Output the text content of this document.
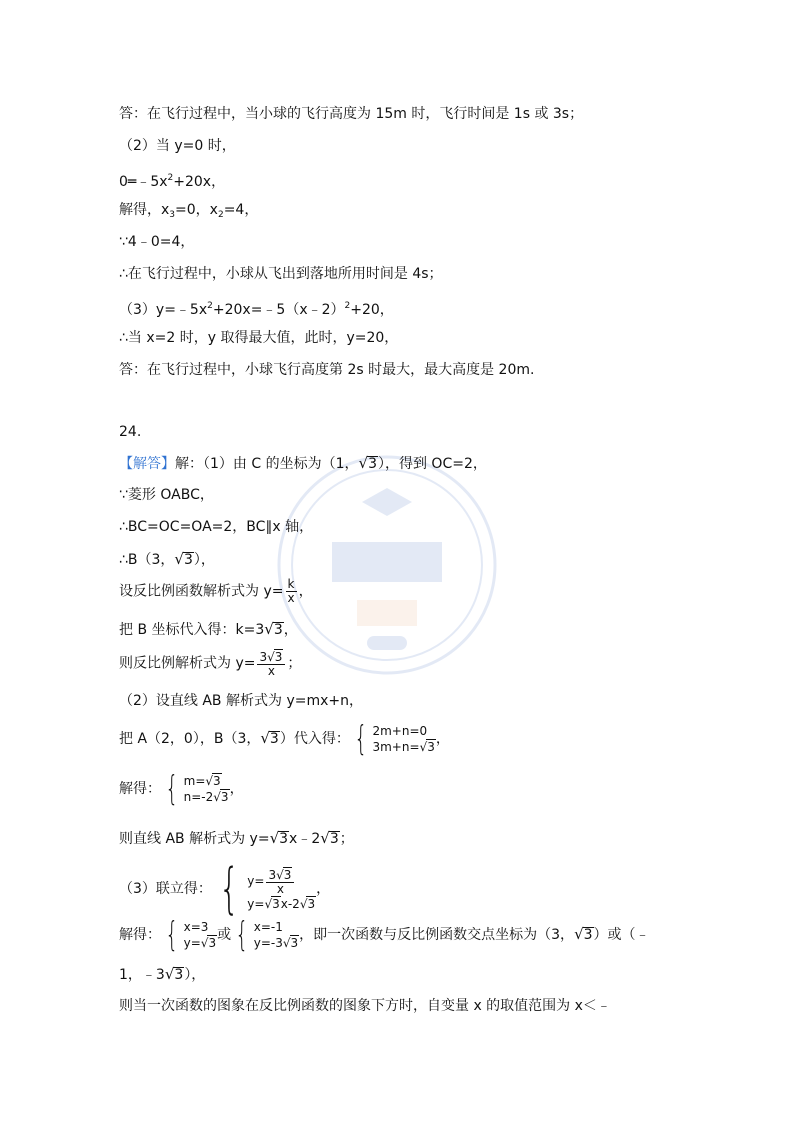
答：在飞行过程中，当小球的飞行高度为 15m 时，飞行时间是 1s 或 3s；
（2）当 y=0 时，
$0═﹣5x^2+20x$，
解得，$x_3=0$，$x_2=4$，
∵4﹣0=4，
∴在飞行过程中，小球从飞出到落地所用时间是 4s；
$(3)y=﹣5x^2+20x=﹣5(x﹣2)^2+20$，
∴当 x=2 时，y 取得最大值，此时，y=20，
答：在飞行过程中，小球飞行高度第 2s 时最大，最大高度是 20m.
24.
【解答】解：（1）由 C 的坐标为（1，√3），得到 OC=2，
∵菱形 OABC，
∴BC=OC=OA=2，BC∥x 轴，
∴B（3，√3），
设反比例函数解析式为 $y= \frac{k}{x}$ ，
把 B 坐标代入得：k=3√3，
则反比例解析式为 $y= \frac{3√3}{x}$ ；
（2）设直线 AB 解析式为 y=mx+n，
把 A（2，0），B（3，√3）代入得： { 2m+n=0
3m+n=√3 ，
解得： { m=√3
n=-2√3 ，
则直线 AB 解析式为 y=√3x﹣2√3；
（3）联立得： { $y= \frac{3√3}{x}$
y=√3x-2√3
，
解得： { x=3
y=√3 或 { x=-1
y=-3√3 ，即一次函数与反比例函数交点坐标为（3，√3）或（﹣
1，﹣3√3），
则当一次函数的图象在反比例函数的图象下方时，自变量 x 的取值范围为 x＜﹣
